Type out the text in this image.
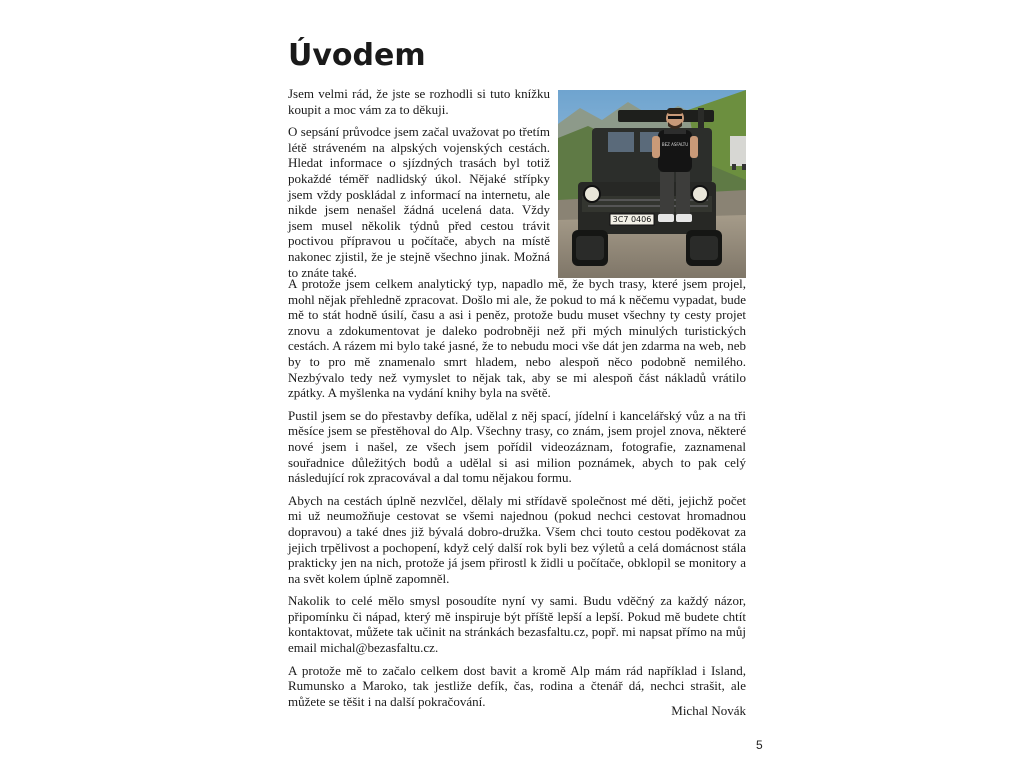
Úvodem
3C7 0406
BEZ ASFALTU

Jsem velmi rád, že jste se rozhodli si tuto knížku koupit a moc vám za to děkuji.

O sepsání průvodce jsem začal uvažovat po třetím létě stráveném na alpských vojenských cestách. Hledat informace o sjízdných trasách byl totiž pokaždé téměř nadlidský úkol. Nějaké střípky jsem vždy poskládal z informací na internetu, ale nikde jsem nenašel žádná ucelená data. Vždy jsem musel několik týdnů před cestou trávit poctivou přípravou u počítače, abych na místě nakonec zjistil, že je stejně všechno jinak. Možná to znáte také.

A protože jsem celkem analytický typ, napadlo mě, že bych trasy, které jsem projel, mohl nějak přehledně zpracovat. Došlo mi ale, že pokud to má k něčemu vypadat, bude mě to stát hodně úsilí, času a asi i peněz, protože budu muset všechny ty cesty projet znovu a zdokumentovat je daleko podrobněji než při mých minulých turistických cestách. A rázem mi bylo také jasné, že to nebudu moci vše dát jen zdarma na web, neb by to pro mě znamenalo smrt hladem, nebo alespoň něco podobně nemilého. Nezbývalo tedy než vymyslet to nějak tak, aby se mi alespoň část nákladů vrátilo zpátky. A myšlenka na vydání knihy byla na světě.

Pustil jsem se do přestavby defíka, udělal z něj spací, jídelní i kancelářský vůz a na tři měsíce jsem se přestěhoval do Alp. Všechny trasy, co znám, jsem projel znova, některé nové jsem i našel, ze všech jsem pořídil videozáznam, fotografie, zaznamenal souřadnice důležitých bodů a udělal si asi milion poznámek, abych to pak celý následující rok zpracovával a dal tomu nějakou formu.

Abych na cestách úplně nezvlčel, dělaly mi střídavě společnost mé děti, jejichž počet mi už neumožňuje cestovat se všemi najednou (pokud nechci cestovat hromadnou dopravou) a také dnes již bývalá dobro-družka. Všem chci touto cestou poděkovat za jejich trpělivost a pochopení, když celý další rok byli bez výletů a celá domácnost stála prakticky jen na nich, protože já jsem přirostl k židli u počítače, obklopil se monitory a na svět kolem úplně zapomněl.

Nakolik to celé mělo smysl posoudíte nyní vy sami. Budu vděčný za každý názor, připomínku či nápad, který mě inspiruje být příště lepší a lepší. Pokud mě budete chtít kontaktovat, můžete tak učinit na stránkách bezasfaltu.cz, popř. mi napsat přímo na můj email michal@bezasfaltu.cz.

A protože mě to začalo celkem dost bavit a kromě Alp mám rád například i Island, Rumunsko a Maroko, tak jestliže defík, čas, rodina a čtenář dá, nechci strašit, ale můžete se těšit i na další pokračování.

Michal Novák
5
